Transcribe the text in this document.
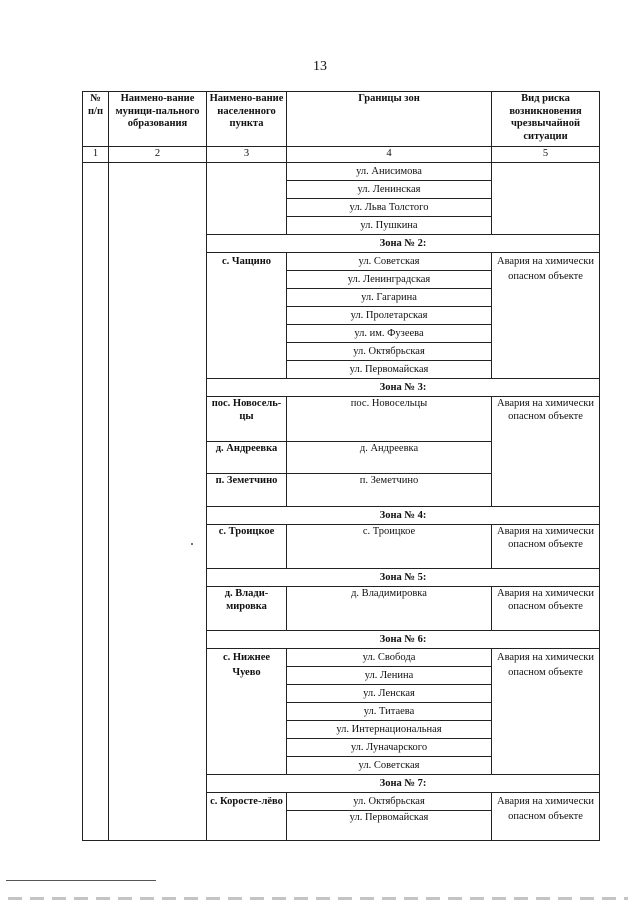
13
№ п/п	Наимено-вание муници-пального образования	Наимено-вание населенного пункта	Границы зон	Вид риска возникновения чрезвычайной ситуации
1	2	3	4	5
			ул. Анисимова	
			ул. Ленинская	
			ул. Льва Толстого	
			ул. Пушкина	
		Зона № 2:		
		с. Чащино	ул. Советская	Авария на химически опасном объекте
			ул. Ленинградская	
			ул. Гагарина	
			ул. Пролетарская	
			ул. им. Фузеева	
			ул. Октябрьская	
			ул. Первомайская	
		Зона № 3:		
		пос. Новосель-цы	пос. Новосельцы	Авария на химически опасном объекте
		д. Андреевка	д. Андреевка	
		п. Земетчино	п. Земетчино	
		Зона № 4:		
		с. Троицкое	с. Троицкое	Авария на химически опасном объекте
		Зона № 5:		
		д. Влади-мировка	д. Владимировка	Авария на химически опасном объекте
		Зона № 6:		
		с. Нижнее Чуево	ул. Свобода	Авария на химически опасном объекте
			ул. Ленина	
			ул. Ленская	
			ул. Титаева	
			ул. Интернациональная	
			ул. Луначарского	
			ул. Советская	
		Зона № 7:		
		с. Коросте-лёво	ул. Октябрьская	Авария на химически опасном объекте
			ул. Первомайская	
